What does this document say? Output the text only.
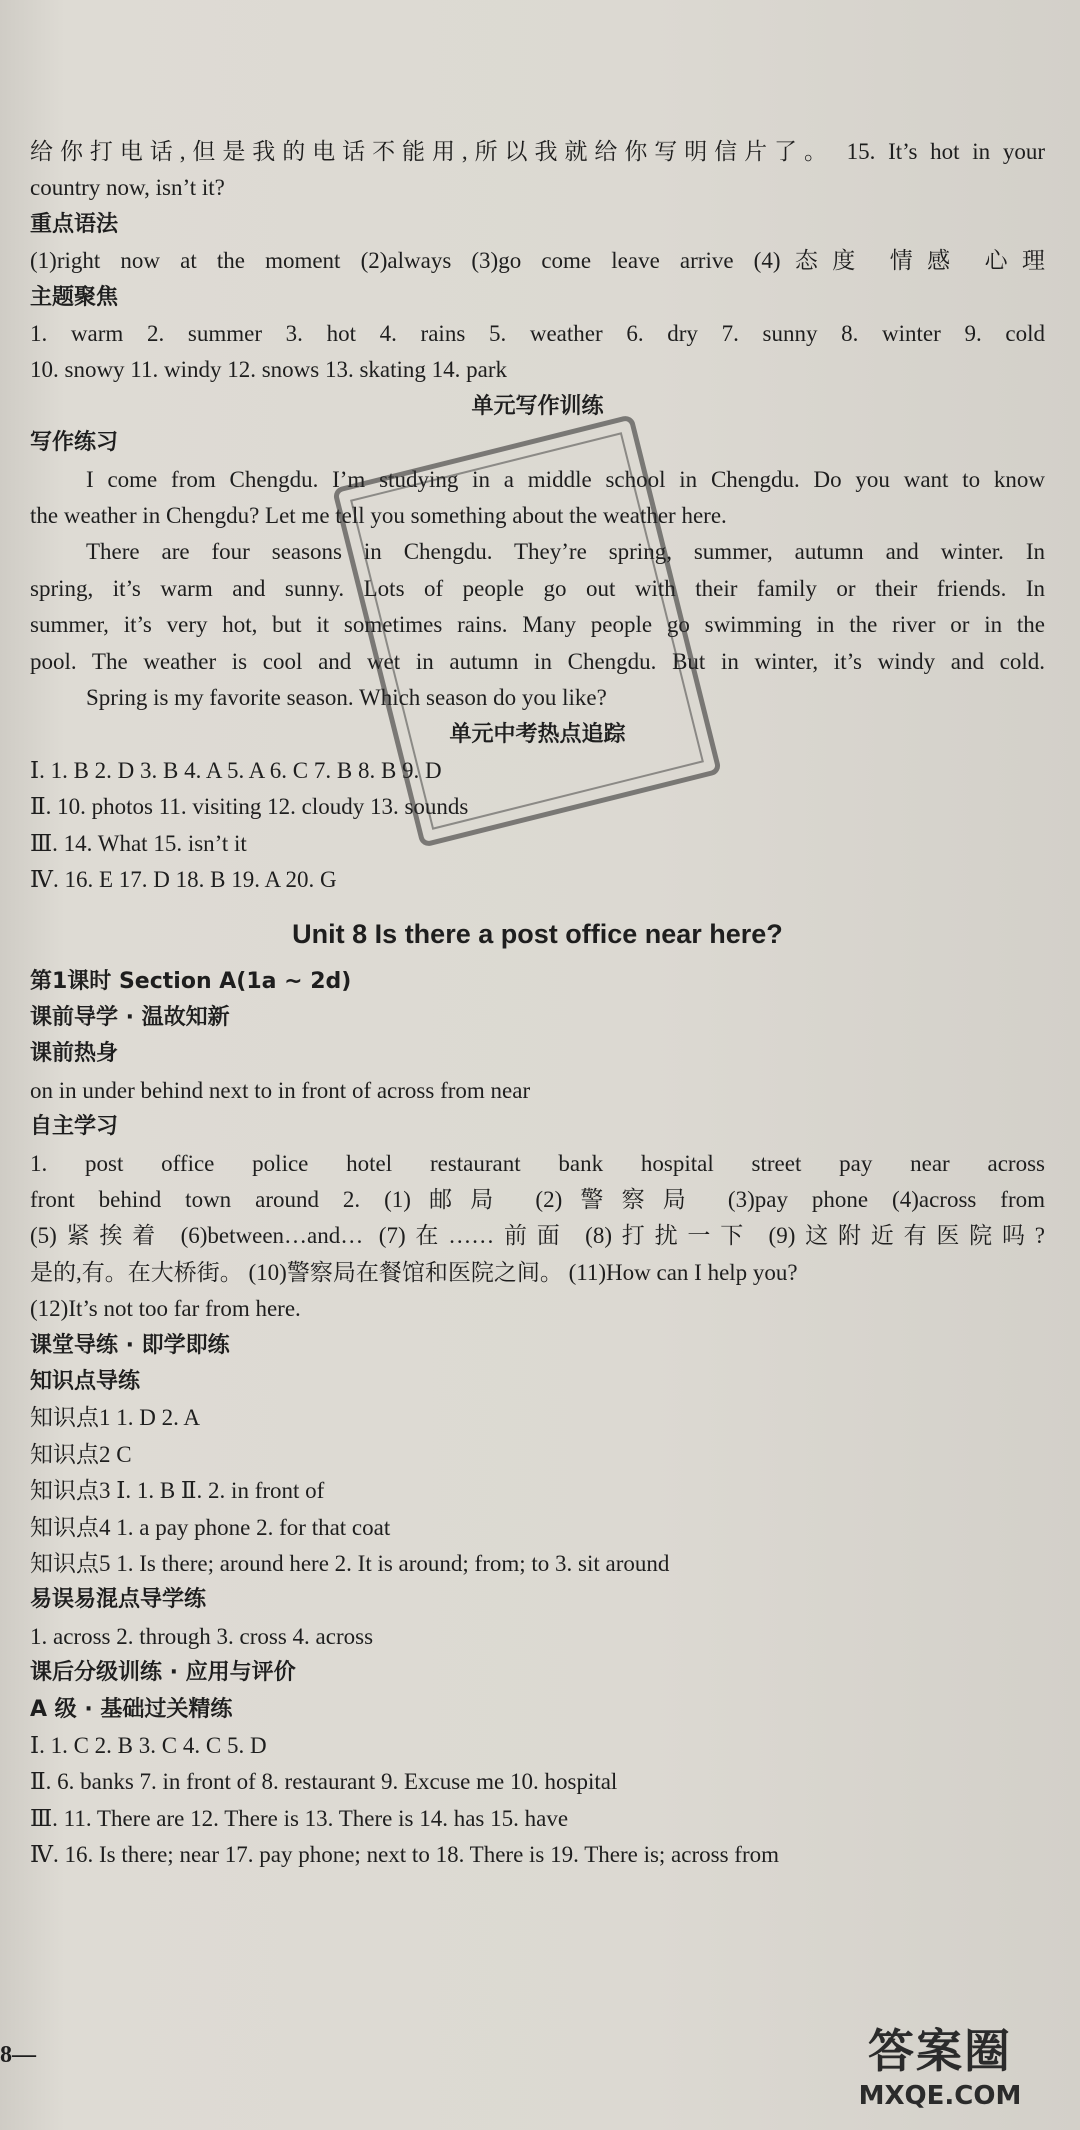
给你打电话,但是我的电话不能用,所以我就给你写明信片了。 15. It’s hot in your
country now, isn’t it?
重点语法
(1)right now at the moment (2)always (3)go come leave arrive (4)态度 情感 心理
主题聚焦
1. warm 2. summer 3. hot 4. rains 5. weather 6. dry 7. sunny 8. winter 9. cold
10. snowy 11. windy 12. snows 13. skating 14. park
单元写作训练
写作练习
I come from Chengdu. I’m studying in a middle school in Chengdu. Do you want to know
the weather in Chengdu? Let me tell you something about the weather here.
There are four seasons in Chengdu. They’re spring, summer, autumn and winter. In
spring, it’s warm and sunny. Lots of people go out with their family or their friends. In
summer, it’s very hot, but it sometimes rains. Many people go swimming in the river or in the
pool. The weather is cool and wet in autumn in Chengdu. But in winter, it’s windy and cold.
Spring is my favorite season. Which season do you like?
单元中考热点追踪
Ⅰ. 1. B 2. D 3. B 4. A 5. A 6. C 7. B 8. B 9. D
Ⅱ. 10. photos 11. visiting 12. cloudy 13. sounds
Ⅲ. 14. What 15. isn’t it
Ⅳ. 16. E 17. D 18. B 19. A 20. G
Unit 8 Is there a post office near here?
第1课时 Section A(1a ~ 2d)
课前导学 · 温故知新
课前热身
on in under behind next to in front of across from near
自主学习
1. post office police hotel restaurant bank hospital street pay near across
front behind town around 2. (1)邮局 (2)警察局 (3)pay phone (4)across from
(5)紧挨着 (6)between…and… (7)在……前面 (8)打扰一下 (9)这附近有医院吗?
是的,有。在大桥街。 (10)警察局在餐馆和医院之间。 (11)How can I help you?
(12)It’s not too far from here.
课堂导练 · 即学即练
知识点导练
知识点1 1. D 2. A
知识点2 C
知识点3 Ⅰ. 1. B Ⅱ. 2. in front of
知识点4 1. a pay phone 2. for that coat
知识点5 1. Is there; around here 2. It is around; from; to 3. sit around
易误易混点导学练
1. across 2. through 3. cross 4. across
课后分级训练 · 应用与评价
A 级 · 基础过关精练
Ⅰ. 1. C 2. B 3. C 4. C 5. D
Ⅱ. 6. banks 7. in front of 8. restaurant 9. Excuse me 10. hospital
Ⅲ. 11. There are 12. There is 13. There is 14. has 15. have
Ⅳ. 16. Is there; near 17. pay phone; next to 18. There is 19. There is; across from
8—	答案圈
MXQE.COM
